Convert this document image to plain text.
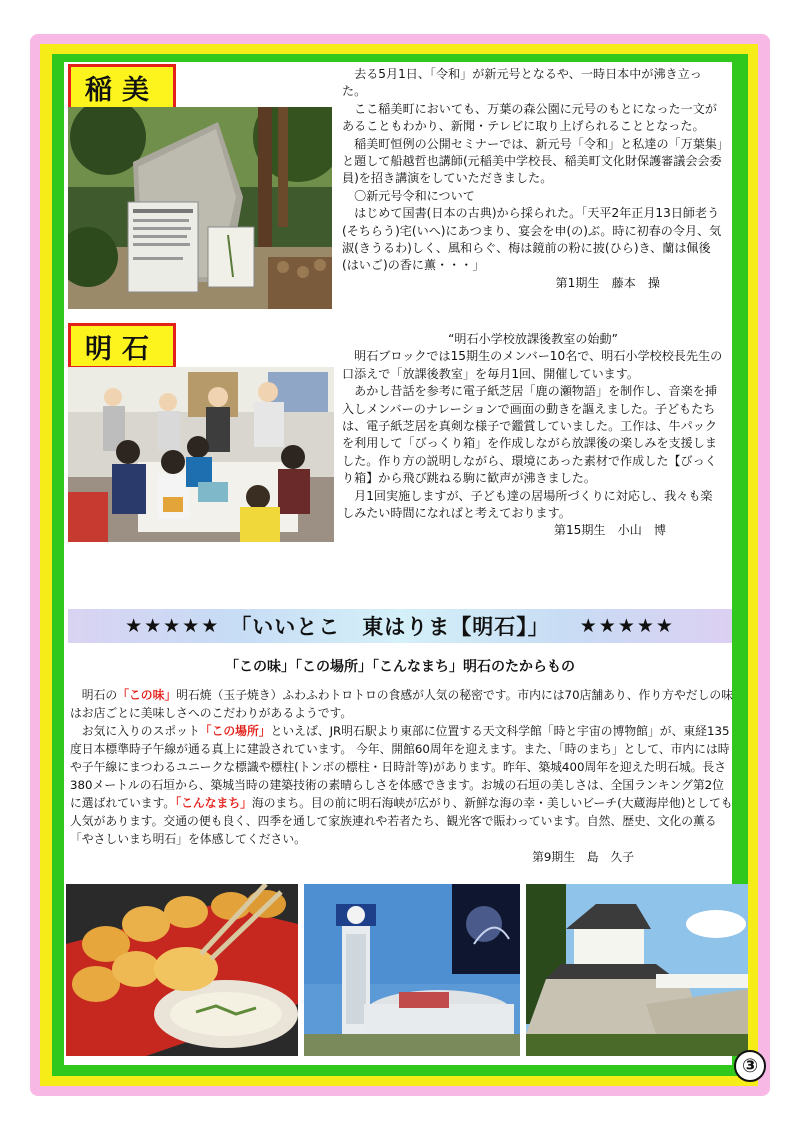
稲美

　去る5月1日、「令和」が新元号となるや、一時日本中が沸き立った。

　ここ稲美町においても、万葉の森公園に元号のもとになった一文があることもわかり、新聞・テレビに取り上げられることとなった。

　稲美町恒例の公開セミナーでは、新元号「令和」と私達の「万葉集」と題して船越哲也講師(元稲美中学校長、稲美町文化財保護審議会会委員)を招き講演をしていただきました。

　〇新元号令和について

　はじめて国書(日本の古典)から採られた。「天平2年正月13日師老う(そちらう)宅(いへ)にあつまり、宴会を申(の)ぶ。時に初春の令月、気淑(きうるわ)しく、風和らぐ、梅は鏡前の粉に披(ひら)き、蘭は佩後(はいご)の香に薫・・・」

第1期生　藤本　操

明石	“明石小学校放課後教室の始動”

　明石ブロックでは15期生のメンバー10名で、明石小学校校長先生の口添えで「放課後教室」を毎月1回、開催しています。

　あかし昔話を参考に電子紙芝居「鹿の瀬物語」を制作し、音楽を挿入しメンバーのナレーションで画面の動きを謳えました。子どもたちは、電子紙芝居を真剣な様子で鑑賞していました。工作は、牛パックを利用して「びっくり箱」を作成しながら放課後の楽しみを支援しました。作り方の説明しながら、環境にあった素材で作成した【びっくり箱】から飛び跳ねる駒に歓声が沸きました。

　月1回実施しますが、子ども達の居場所づくりに対応し、我々も楽しみたい時間になればと考えております。

第15期生　小山　博

★★★★★ 「いいとこ　東はりま【明石】」 ★★★★★
「この味」「この場所」「こんなまち」明石のたからもの

　明石の「この味」明石焼（玉子焼き）ふわふわトロトロの食感が人気の秘密です。市内には70店舗あり、作り方やだしの味はお店ごとに美味しさへのこだわりがあるようです。

　お気に入りのスポット「この場所」といえば、JR明石駅より東部に位置する天文科学館「時と宇宙の博物館」が、東経135度日本標準時子午線が通る真上に建設されています。 今年、開館60周年を迎えます。また、「時のまち」として、市内には時や子午線にまつわるユニークな標識や標柱(トンボの標柱・日時計等)があります。昨年、築城400周年を迎えた明石城。長さ380メートルの石垣から、築城当時の建築技術の素晴らしさを体感できます。お城の石垣の美しさは、全国ランキング第2位に選ばれています。「こんなまち」海のまち。目の前に明石海峡が広がり、新鮮な海の幸・美しいビーチ(大蔵海岸他)としても人気があります。交通の便も良く、四季を通して家族連れや若者たち、観光客で賑わっています。自然、歴史、文化の薫る「やさしいまち明石」を体感してください。

第9期生　島　久子

③
